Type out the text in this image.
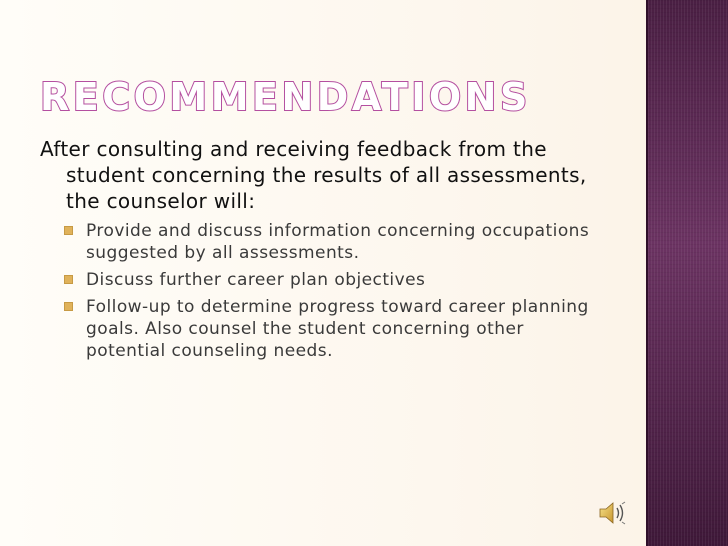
RECOMMENDATIONS

After consulting and receiving feedback from the student concerning the results of all assessments, the counselor will:

Provide and discuss information concerning occupations suggested by all assessments.
Discuss further career plan objectives
Follow-up to determine progress toward career planning goals. Also counsel the student concerning other potential counseling needs.
